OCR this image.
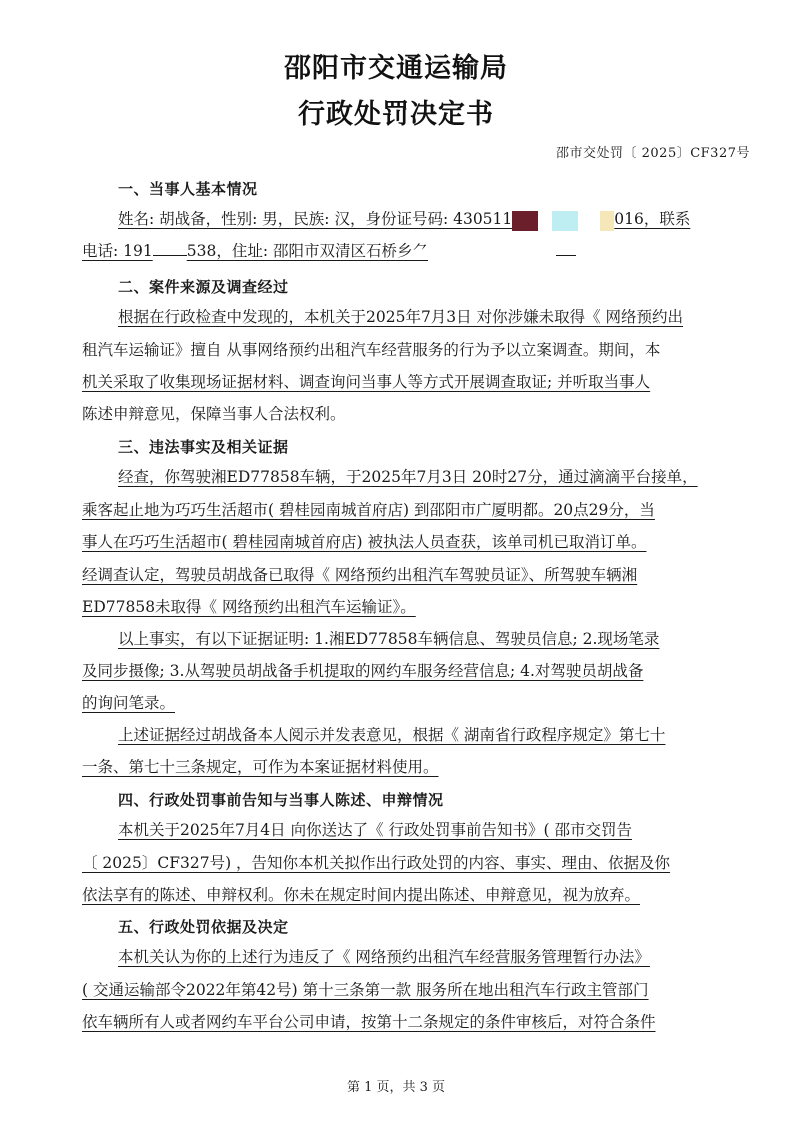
邵阳市交通运输局
行政处罚决定书
邵市交处罚〔 2025〕CF327号
一、当事人基本情况
姓名: 胡战备，性别: 男，民族: 汉，身份证号码: 430511	016，联系
电话: 191 538，住址: 邵阳市双清区石桥乡⺈
二、案件来源及调查经过
根据在行政检查中发现的，本机关于2025年7月3日 对你涉嫌未取得《 网络预约出
租汽车运输证》擅自 从事网络预约出租汽车经营服务的行为予以立案调查。期间，本
机关采取了收集现场证据材料、调查询问当事人等方式开展调查取证; 并听取当事人
陈述申辩意见，保障当事人合法权利。
三、违法事实及相关证据
经查，你驾驶湘ED77858车辆，于2025年7月3日 20时27分，通过滴滴平台接单，
乘客起止地为巧巧生活超市( 碧桂园南城首府店) 到邵阳市广厦明都。20点29分，当
事人在巧巧生活超市( 碧桂园南城首府店) 被执法人员查获，该单司机已取消订单。
经调查认定，驾驶员胡战备已取得《 网络预约出租汽车驾驶员证》、所驾驶车辆湘
ED77858未取得《 网络预约出租汽车运输证》。
以上事实，有以下证据证明: 1.湘ED77858车辆信息、驾驶员信息; 2.现场笔录
及同步摄像; 3.从驾驶员胡战备手机提取的网约车服务经营信息; 4.对驾驶员胡战备
的询问笔录。
上述证据经过胡战备本人阅示并发表意见，根据《 湖南省行政程序规定》第七十
一条、第七十三条规定，可作为本案证据材料使用。
四、行政处罚事前告知与当事人陈述、申辩情况
本机关于2025年7月4日 向你送达了《 行政处罚事前告知书》( 邵市交罚告
〔 2025〕CF327号) ，告知你本机关拟作出行政处罚的内容、事实、理由、依据及你
依法享有的陈述、申辩权利。你未在规定时间内提出陈述、申辩意见，视为放弃。
五、行政处罚依据及决定
本机关认为你的上述行为违反了《 网络预约出租汽车经营服务管理暂行办法》
( 交通运输部令2022年第42号) 第十三条第一款 服务所在地出租汽车行政主管部门
依车辆所有人或者网约车平台公司申请，按第十二条规定的条件审核后，对符合条件
第 1 页，共 3 页
